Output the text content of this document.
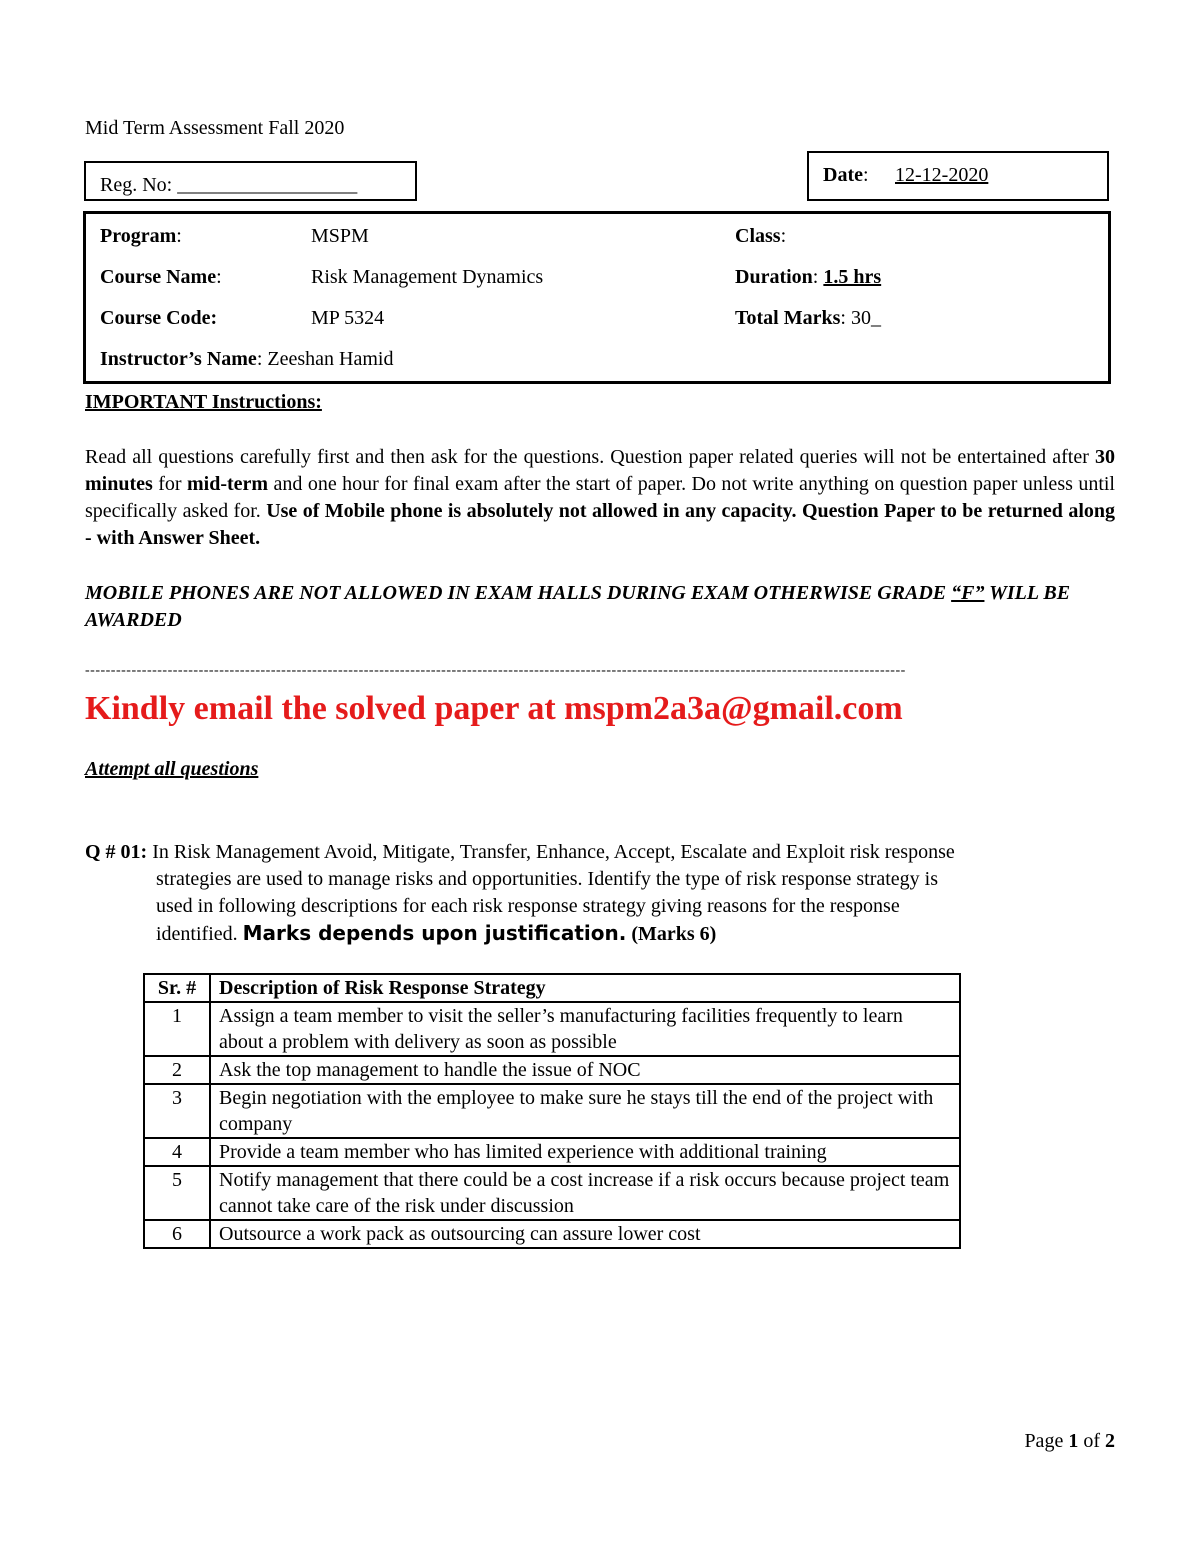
Mid Term Assessment Fall 2020
Reg. No: __________________	Date: 12-12-2020
Program:	MSPM	Class:
Course Name:	Risk Management Dynamics	Duration: 1.5 hrs
Course Code:	MP 5324	Total Marks: 30_
Instructor’s Name: Zeeshan Hamid
IMPORTANT Instructions:
Read all questions carefully first and then ask for the questions. Question paper related queries will not be entertained after 30 minutes for mid-term and one hour for final exam after the start of paper. Do not write anything on question paper unless until specifically asked for. Use of Mobile phone is absolutely not allowed in any capacity. Question Paper to be returned along - with Answer Sheet.
MOBILE PHONES ARE NOT ALLOWED IN EXAM HALLS DURING EXAM OTHERWISE GRADE “F” WILL BE AWARDED
---------------------------------------------------------------------------------------------------------------------------------------------------------------
Kindly email the solved paper at mspm2a3a@gmail.com
Attempt all questions
Q # 01: In Risk Management Avoid, Mitigate, Transfer, Enhance, Accept, Escalate and Exploit risk response
strategies are used to manage risks and opportunities. Identify the type of risk response strategy is
used in following descriptions for each risk response strategy giving reasons for the response
identified. Marks depends upon justification. (Marks 6)
Sr. #	Description of Risk Response Strategy
1	Assign a team member to visit the seller’s manufacturing facilities frequently to learn about a problem with delivery as soon as possible
2	Ask the top management to handle the issue of NOC
3	Begin negotiation with the employee to make sure he stays till the end of the project with company
4	Provide a team member who has limited experience with additional training
5	Notify management that there could be a cost increase if a risk occurs because project team cannot take care of the risk under discussion
6	Outsource a work pack as outsourcing can assure lower cost
Page 1 of 2
